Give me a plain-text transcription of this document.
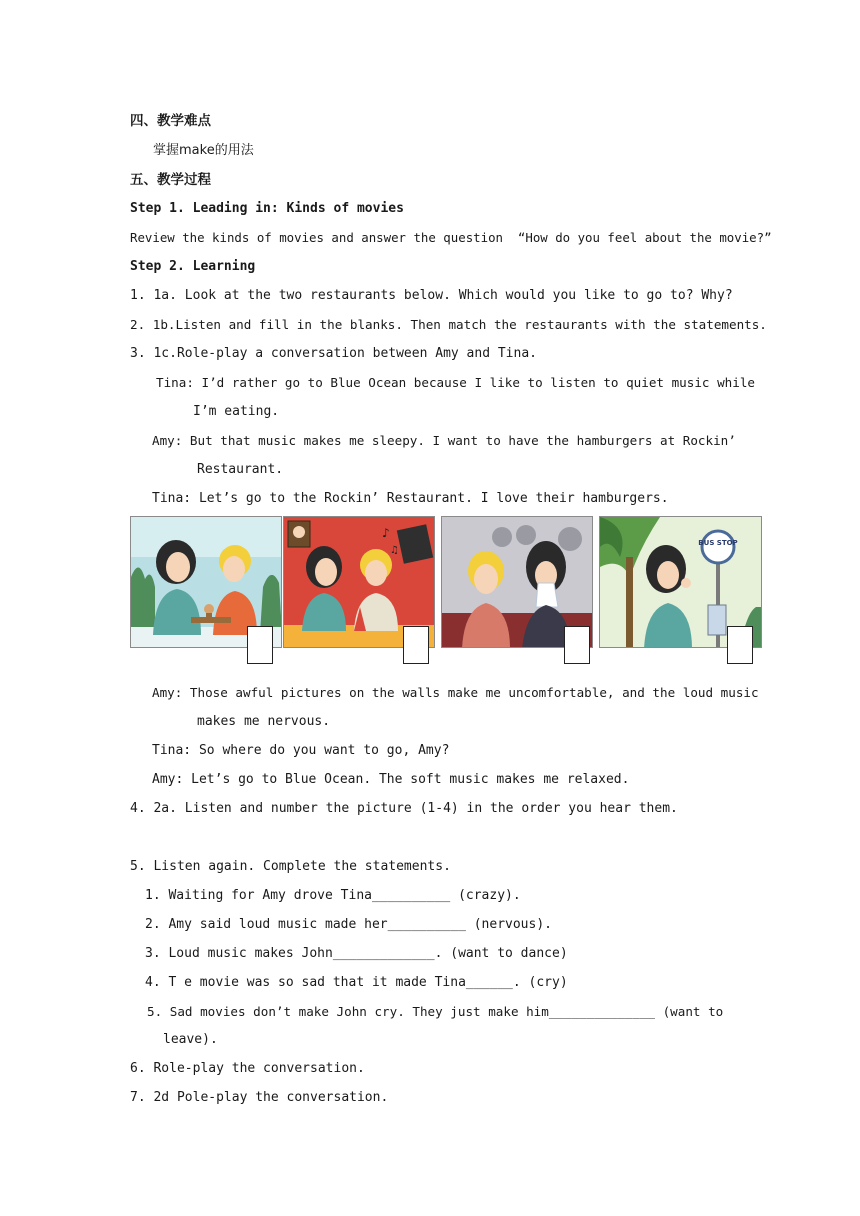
四、教学难点
掌握make的用法
五、教学过程
Step 1. Leading in: Kinds of movies
Review the kinds of movies and answer the question  “How do you feel about the movie?”
Step 2. Learning
1. 1a. Look at the two restaurants below. Which would you like to go to? Why?
2. 1b.Listen and fill in the blanks. Then match the restaurants with the statements.
3. 1c.Role-play a conversation between Amy and Tina.
Tina: I’d rather go to Blue Ocean because I like to listen to quiet music while
I’m eating.
Amy: But that music makes me sleepy. I want to have the hamburgers at Rockin’
Restaurant.
Tina: Let’s go to the Rockin’ Restaurant. I love their hamburgers.
♪
♫
BUS STOP
Amy: Those awful pictures on the walls make me uncomfortable, and the loud music
makes me nervous.
Tina: So where do you want to go, Amy?
Amy: Let’s go to Blue Ocean. The soft music makes me relaxed.
4. 2a. Listen and number the picture (1-4) in the order you hear them.
5. Listen again. Complete the statements.
1. Waiting for Amy drove Tina__________ (crazy).
2. Amy said loud music made her__________ (nervous).
3. Loud music makes John_____________. (want to dance)
4. T e movie was so sad that it made Tina______. (cry)
5. Sad movies don’t make John cry. They just make him______________ (want to
leave).
6. Role-play the conversation.
7. 2d Pole-play the conversation.
